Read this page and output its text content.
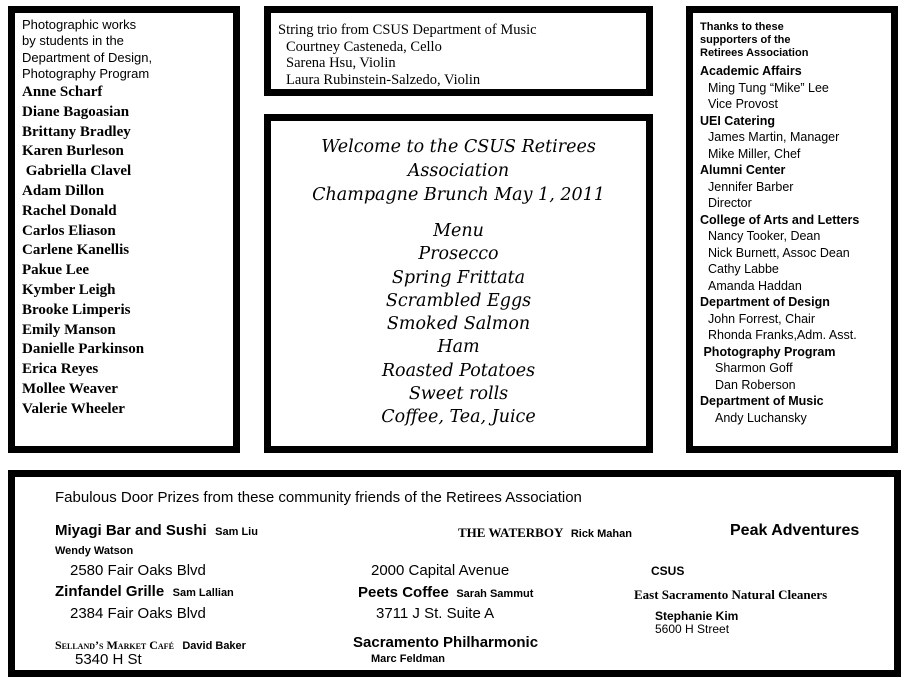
Photographic works
by students in the
Department of Design,
Photography Program
Anne Scharf
Diane Bagoasian
Brittany Bradley
Karen Burleson
Gabriella Clavel
Adam Dillon
Rachel Donald
Carlos Eliason
Carlene Kanellis
Pakue Lee
Kymber Leigh
Brooke Limperis
Emily Manson
Danielle Parkinson
Erica Reyes
Mollee Weaver
Valerie Wheeler
String trio from CSUS Department of Music
Courtney Casteneda, Cello
Sarena Hsu, Violin
Laura Rubinstein-Salzedo, Violin
Welcome to the CSUS Retirees
Association
Champagne Brunch May 1, 2011
Menu
Prosecco
Spring Frittata
Scrambled Eggs
Smoked Salmon
Ham
Roasted Potatoes
Sweet rolls
Coffee, Tea, Juice
Thanks to these
supporters of the
Retirees Association
Academic Affairs
Ming Tung “Mike” Lee
Vice Provost
UEI Catering
James Martin, Manager
Mike Miller, Chef
Alumni Center
Jennifer Barber
Director
College of Arts and Letters
Nancy Tooker, Dean
Nick Burnett, Assoc Dean
Cathy Labbe
Amanda Haddan
Department of Design
John Forrest, Chair
Rhonda Franks,Adm. Asst.
Photography Program
Sharmon Goff
Dan Roberson
Department of Music
Andy Luchansky
Fabulous Door Prizes from these community friends of the Retirees Association
Miyagi Bar and Sushi Sam Liu
Wendy Watson
2580 Fair Oaks Blvd
Zinfandel Grille Sam Lallian
2384 Fair Oaks Blvd
Selland’s Market Café David Baker
5340 H St
THE WATERBOY Rick Mahan
2000 Capital Avenue
Peets Coffee Sarah Sammut
3711 J St. Suite A
Sacramento Philharmonic
Marc Feldman
Peak Adventures
CSUS
East Sacramento Natural Cleaners
Stephanie Kim
5600 H Street
